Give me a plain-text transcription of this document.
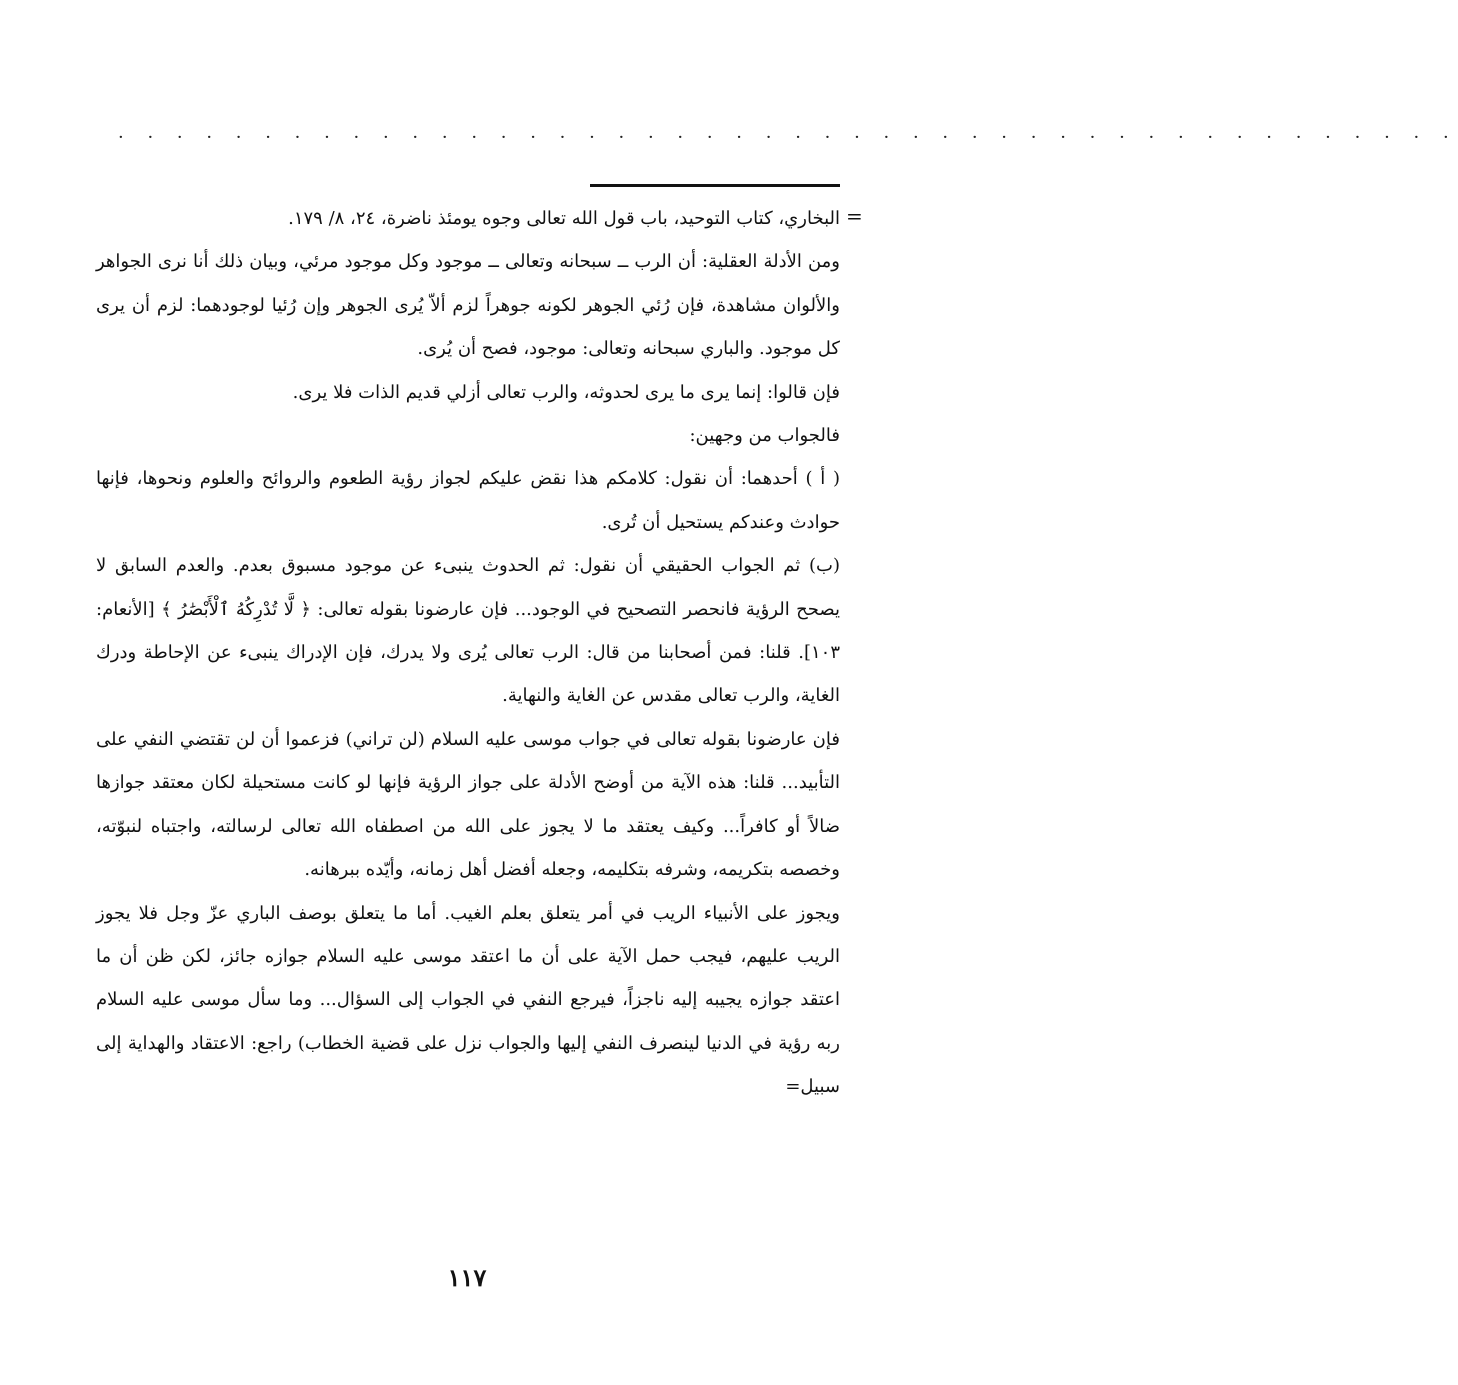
· · · · · · · · · · · · · · · · · · · · · · · · · · · · · · · · · · · · · · · · · · · · · ·
=

البخاري، كتاب التوحيد، باب قول الله تعالى وجوه يومئذ ناضرة، ٢٤، ٨/ ١٧٩.

ومن الأدلة العقلية: أن الرب ــ سبحانه وتعالى ــ موجود وكل موجود مرئي، وبيان ذلك أنا نرى الجواهر والألوان مشاهدة، فإن رُئي الجوهر لكونه جوهراً لزم ألاّ يُرى الجوهر وإن رُئيا لوجودهما: لزم أن يرى كل موجود. والباري سبحانه وتعالى: موجود، فصح أن يُرى.

فإن قالوا: إنما يرى ما يرى لحدوثه، والرب تعالى أزلي قديم الذات فلا يرى.

فالجواب من وجهين:

( أ ) أحدهما: أن نقول: كلامكم هذا نقض عليكم لجواز رؤية الطعوم والروائح والعلوم ونحوها، فإنها حوادث وعندكم يستحيل أن تُرى.

(ب) ثم الجواب الحقيقي أن نقول: ثم الحدوث ينبىء عن موجود مسبوق بعدم. والعدم السابق لا يصحح الرؤية فانحصر التصحيح في الوجود... فإن عارضونا بقوله تعالى: ﴿ لَّا تُدْرِكُهُ ٱلْأَبْصَٰرُ ﴾ [الأنعام: ١٠٣]. قلنا: فمن أصحابنا من قال: الرب تعالى يُرى ولا يدرك، فإن الإدراك ينبىء عن الإحاطة ودرك الغاية، والرب تعالى مقدس عن الغاية والنهاية.

فإن عارضونا بقوله تعالى في جواب موسى عليه السلام (لن تراني) فزعموا أن لن تقتضي النفي على التأبيد... قلنا: هذه الآية من أوضح الأدلة على جواز الرؤية فإنها لو كانت مستحيلة لكان معتقد جوازها ضالاً أو كافراً... وكيف يعتقد ما لا يجوز على الله من اصطفاه الله تعالى لرسالته، واجتباه لنبوّته، وخصصه بتكريمه، وشرفه بتكليمه، وجعله أفضل أهل زمانه، وأيّده ببرهانه.

ويجوز على الأنبياء الريب في أمر يتعلق بعلم الغيب. أما ما يتعلق بوصف الباري عزّ وجل فلا يجوز الريب عليهم، فيجب حمل الآية على أن ما اعتقد موسى عليه السلام جوازه جائز، لكن ظن أن ما اعتقد جوازه يجيبه إليه ناجزاً، فيرجع النفي في الجواب إلى السؤال... وما سأل موسى عليه السلام ربه رؤية في الدنيا لينصرف النفي إليها والجواب نزل على قضية الخطاب) راجع: الاعتقاد والهداية إلى سبيل=

١١٧
